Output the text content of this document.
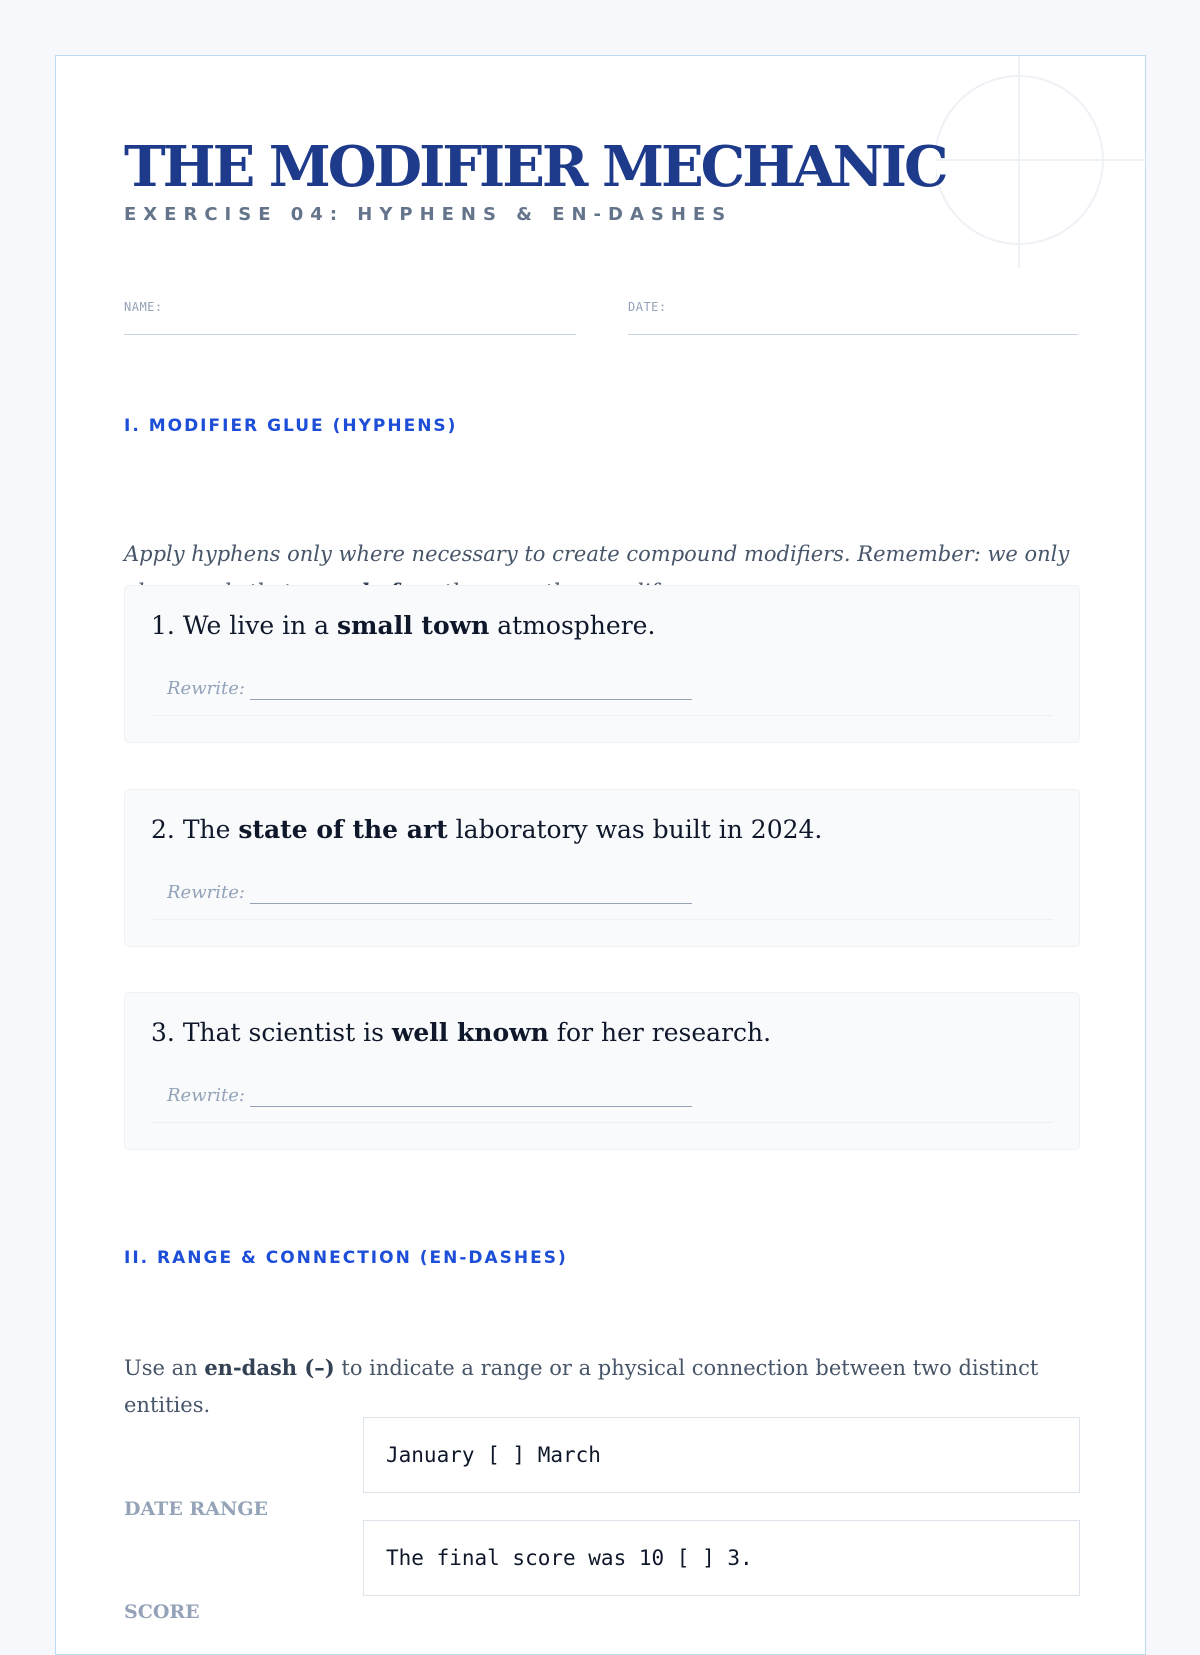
THE MODIFIER MECHANIC
EXERCISE 04: HYPHENS & EN-DASHES
NAME:	DATE:
I. MODIFIER GLUE (HYPHENS)

Apply hyphens only where necessary to create compound modifiers. Remember: we only

1. We live in a small town atmosphere.
Rewrite:
2. The state of the art laboratory was built in 2024.
Rewrite:
3. That scientist is well known for her research.
Rewrite:
II. RANGE & CONNECTION (EN-DASHES)

Use an en-dash (–) to indicate a range or a physical connection between two distinct entities.

DATE RANGE
January [ ] March
SCORE
The final score was 10 [ ] 3.
